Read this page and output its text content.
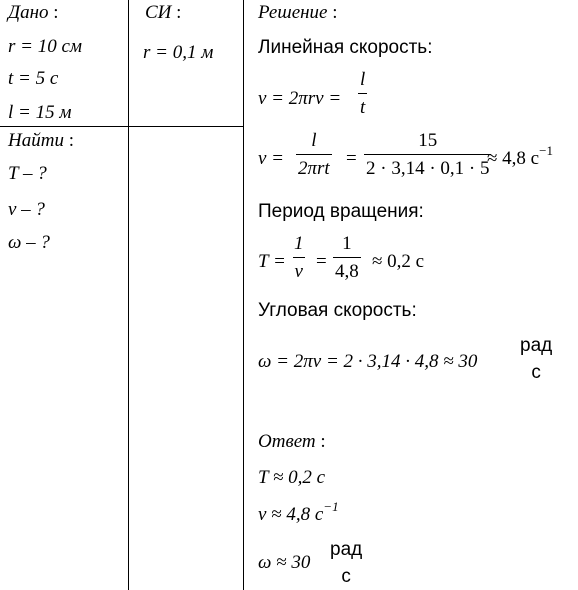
Дано :
r = 10 см
t = 5 с
l = 15 м
Найти :
T – ?
ν – ?
ω – ?
СИ :
r = 0,1 м
Решение :
Линейная скорость:
$v = 2\pi r\nu = \frac{l}{t}$
ν =
l
$2\pi rt = \frac{15}{2 \cdot 3,14 \cdot 0,1 \cdot 5}$
≈ 4,8 $с^{-1}$
Период вращения:
$T = \frac{1}{\nu} = \frac{1}{4,8} \approx 0,2$ с
Угловая скорость:
ω = 2πν = 2 · 3,14 · 4,8 ≈ 30
рад
с
Ответ :
T ≈ 0,2 с
ν ≈ 4,8 $с^{-1}$
ω ≈ 30
рад
с
